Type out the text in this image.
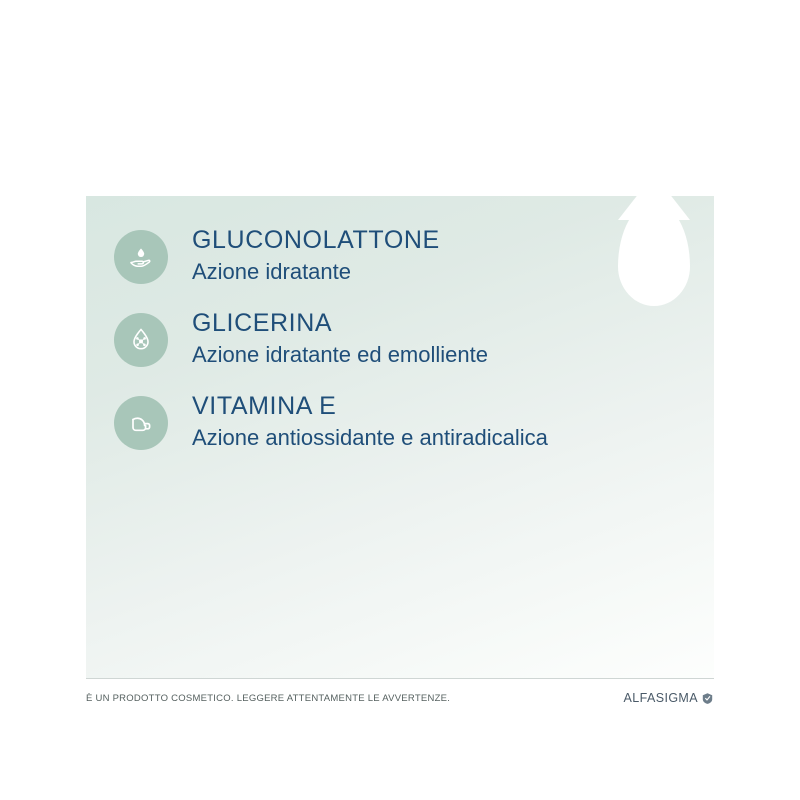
GLUCONOLATTONE

Azione idratante

GLICERINA

Azione idratante ed emolliente

VITAMINA E

Azione antiossidante e antiradicalica

È UN PRODOTTO COSMETICO. LEGGERE ATTENTAMENTE LE AVVERTENZE.	ALFASIGMA
